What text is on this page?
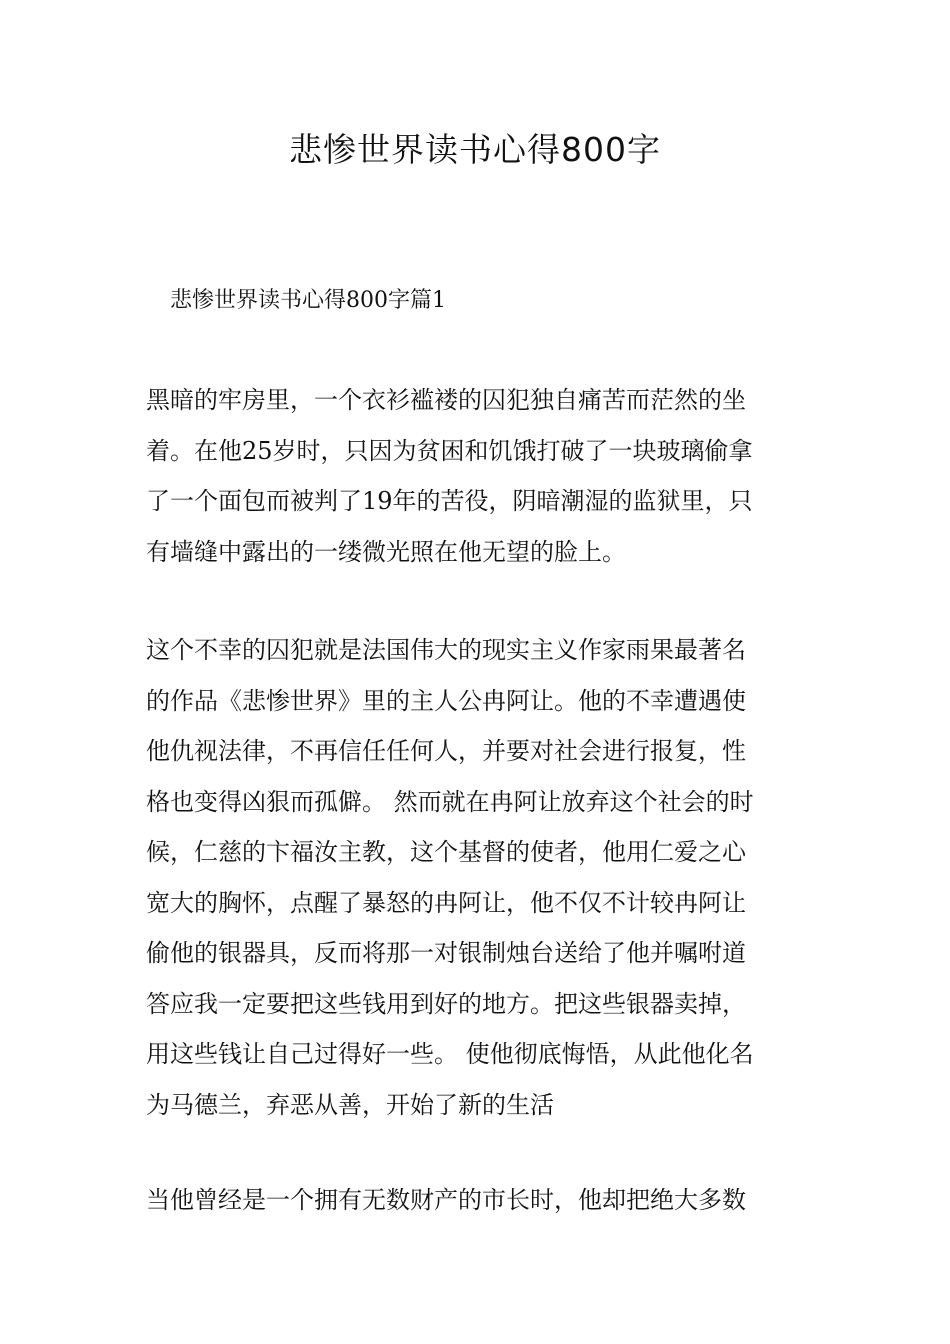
悲惨世界读书心得800字

悲惨世界读书心得800字篇1

黑暗的牢房里，一个衣衫褴褛的囚犯独自痛苦而茫然的坐
着。在他25岁时，只因为贫困和饥饿打破了一块玻璃偷拿
了一个面包而被判了19年的苦役，阴暗潮湿的监狱里，只
有墙缝中露出的一缕微光照在他无望的脸上。

这个不幸的囚犯就是法国伟大的现实主义作家雨果最著名
的作品《悲惨世界》里的主人公冉阿让。他的不幸遭遇使
他仇视法律，不再信任任何人，并要对社会进行报复，性
格也变得凶狠而孤僻。 然而就在冉阿让放弃这个社会的时
候，仁慈的卞福汝主教，这个基督的使者，他用仁爱之心
宽大的胸怀，点醒了暴怒的冉阿让，他不仅不计较冉阿让
偷他的银器具，反而将那一对银制烛台送给了他并嘱咐道
答应我一定要把这些钱用到好的地方。把这些银器卖掉，
用这些钱让自己过得好一些。 使他彻底悔悟，从此他化名
为马德兰，弃恶从善，开始了新的生活

当他曾经是一个拥有无数财产的市长时，他却把绝大多数
